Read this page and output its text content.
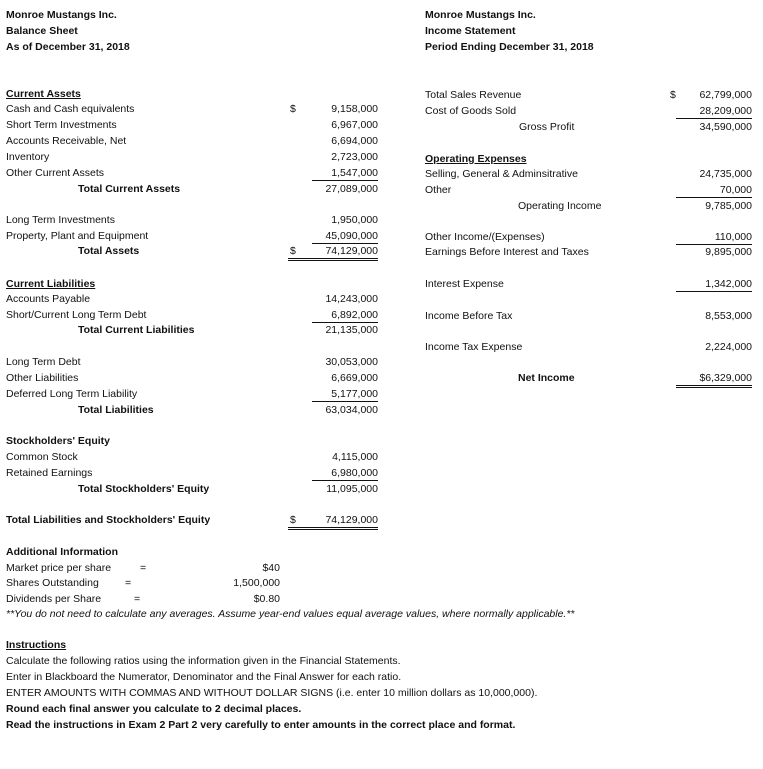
Monroe Mustangs Inc.
Balance Sheet
As of December 31, 2018
Current Assets
Cash and Cash equivalents	$	9,158,000
Short Term Investments	6,967,000
Accounts Receivable, Net	6,694,000
Inventory	2,723,000
Other Current Assets	1,547,000
Total Current Assets	27,089,000
Long Term Investments	1,950,000
Property, Plant and Equipment	45,090,000
Total Assets	$	74,129,000

Current Liabilities
Accounts Payable	14,243,000
Short/Current Long Term Debt	6,892,000
Total Current Liabilities	21,135,000
Long Term Debt	30,053,000
Other Liabilities	6,669,000
Deferred Long Term Liability	5,177,000
Total Liabilities	63,034,000
Stockholders' Equity
Common Stock	4,115,000
Retained Earnings	6,980,000
Total Stockholders' Equity	11,095,000
Total Liabilities and Stockholders' Equity	$	74,129,000

Monroe Mustangs Inc.
Income Statement
Period Ending December 31, 2018
Total Sales Revenue	$	62,799,000
Cost of Goods Sold	28,209,000
Gross Profit	34,590,000
Operating Expenses
Selling, General & Adminsitrative	24,735,000
Other	70,000
Operating Income	9,785,000
Other Income/(Expenses)	110,000
Earnings Before Interest and Taxes	9,895,000
Interest Expense	1,342,000
Income Before Tax	8,553,000
Income Tax Expense	2,224,000
Net Income	$6,329,000
Additional Information
Market price per share	=	$40
Shares Outstanding =	1,500,000
Dividends per Share	=	$0.80
**You do not need to calculate any averages. Assume year-end values equal average values, where normally applicable.**
Instructions
Calculate the following ratios using the information given in the Financial Statements.
Enter in Blackboard the Numerator, Denominator and the Final Answer for each ratio.
ENTER AMOUNTS WITH COMMAS AND WITHOUT DOLLAR SIGNS (i.e. enter 10 million dollars as 10,000,000).
Round each final answer you calculate to 2 decimal places.
Read the instructions in Exam 2 Part 2 very carefully to enter amounts in the correct place and format.
